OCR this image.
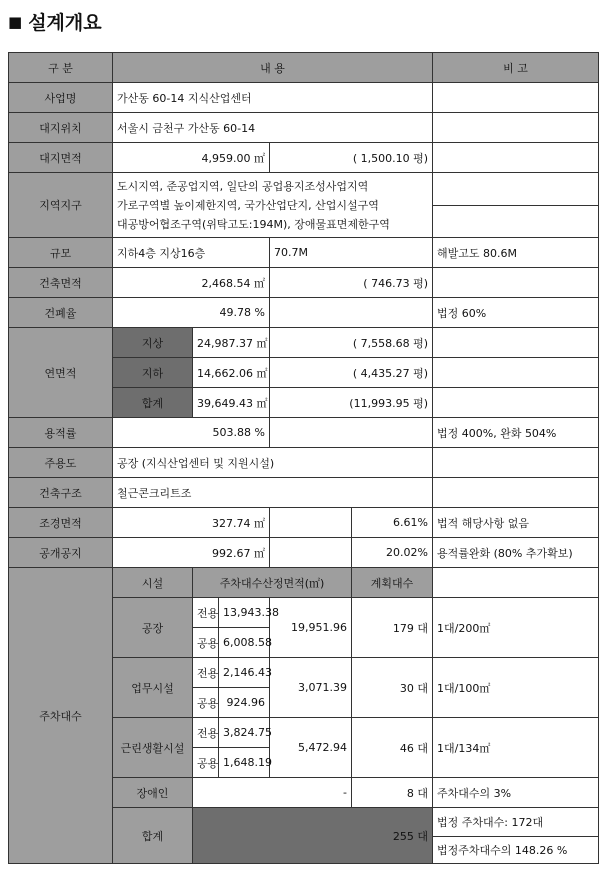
■ 설계개요
구 분	내 용	비 고
사업명	가산동 60-14 지식산업센터	
대지위치	서울시 금천구 가산동 60-14	
대지면적	4,959.00 ㎡	( 1,500.10 평)	
지역지구	
도시지역, 준공업지역, 일단의 공업용지조성사업지역
가로구역별 높이제한지역, 국가산업단지, 산업시설구역
대공방어협조구역(위탁고도:194M), 장애물표면제한구역

규모	지하4층 지상16층	70.7M	해발고도 80.6M
건축면적	2,468.54 ㎡	( 746.73 평)	
건폐율	49.78 %		법정 60%
연면적	지상	24,987.37 ㎡	( 7,558.68 평)	
지하	14,662.06 ㎡	( 4,435.27 평)	
합계	39,649.43 ㎡	(11,993.95 평)	
용적률	503.88 %		법정 400%, 완화 504%
주용도	공장 (지식산업센터 및 지원시설)	
건축구조	철근콘크리트조	
조경면적	327.74 ㎡		6.61%	법적 해당사항 없음
공개공지	992.67 ㎡		20.02%	용적률완화 (80% 추가확보)
주차대수	시설	주차대수산정면적(㎡)	계획대수	
공장	전용	13,943.38	19,951.96	179 대	1대/200㎡
공용	6,008.58
업무시설	전용	2,146.43	3,071.39	30 대	1대/100㎡
공용	924.96
근린생활시설	전용	3,824.75	5,472.94	46 대	1대/134㎡
공용	1,648.19
장애인	-	8 대	주차대수의 3%
합계	255 대	
법정 주차대수: 172대
법정주차대수의 148.26 %
